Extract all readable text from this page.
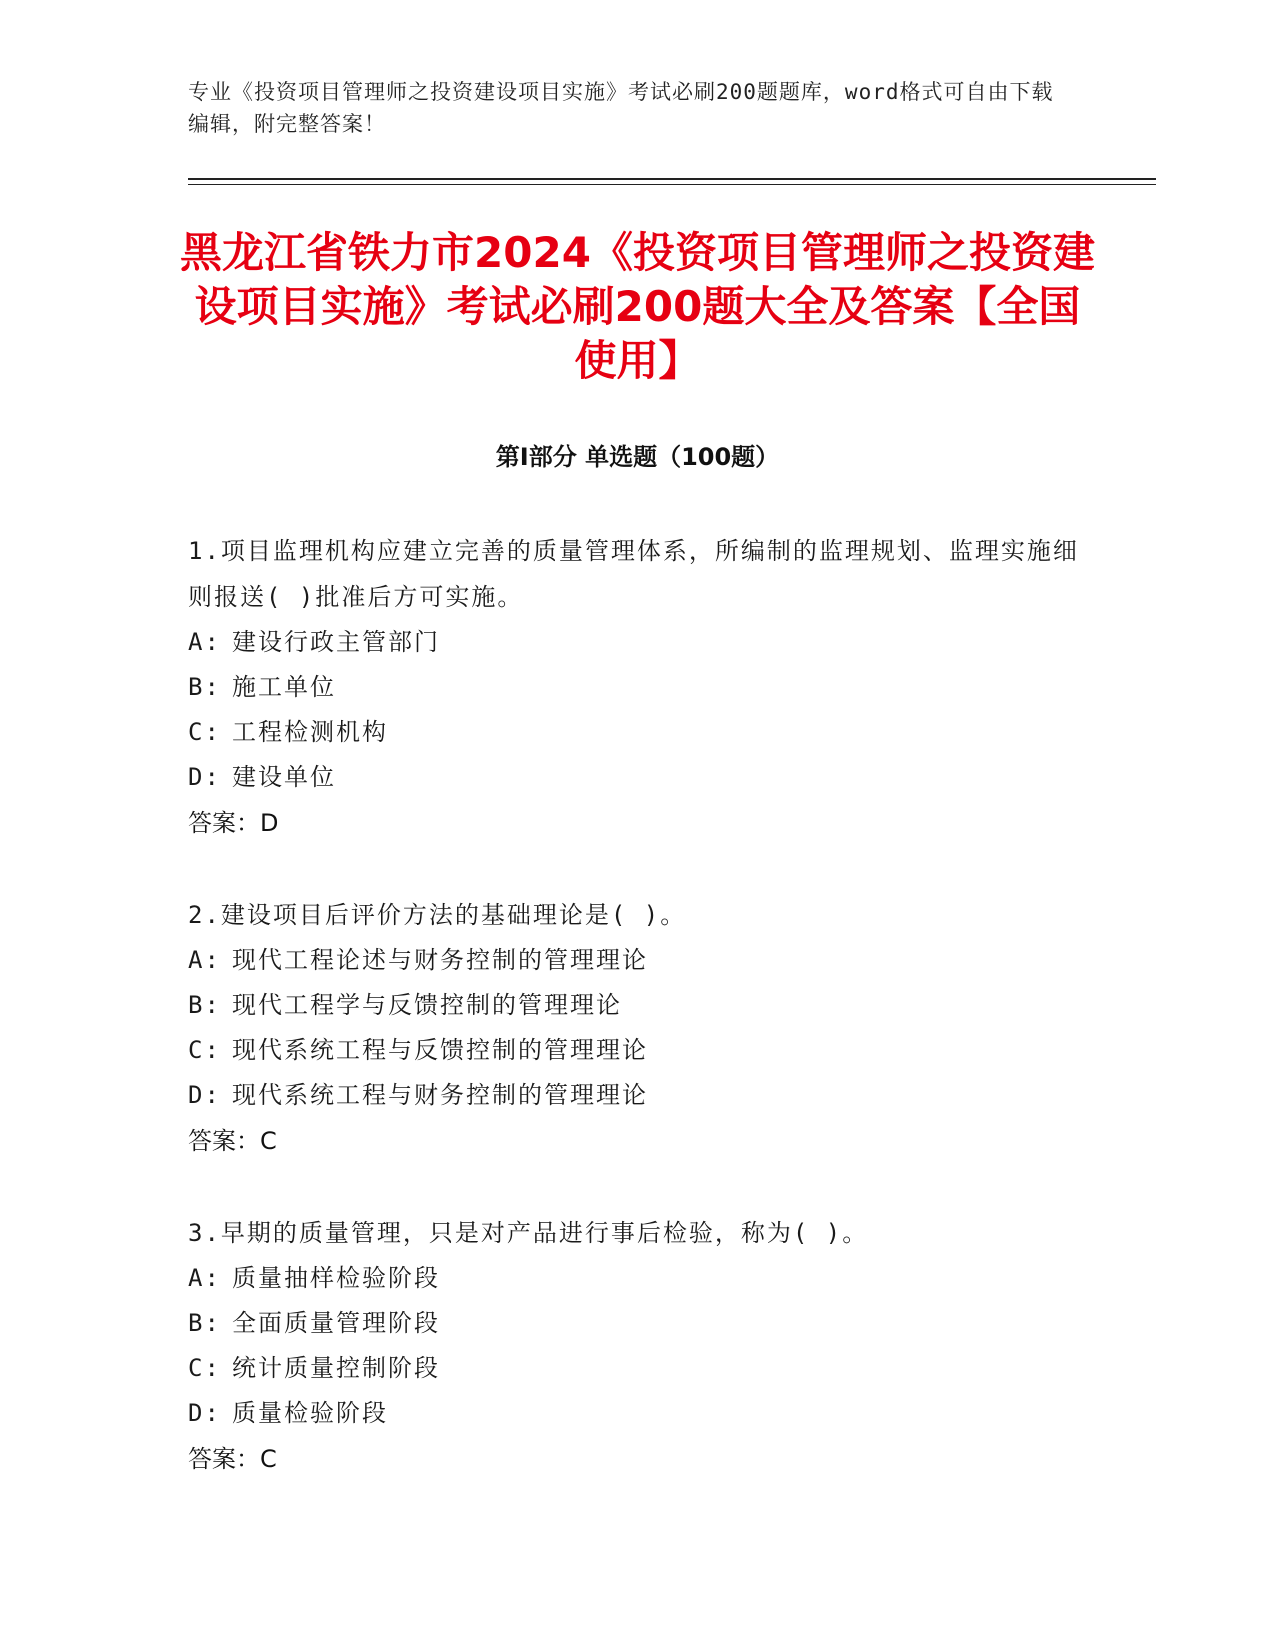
专业《投资项目管理师之投资建设项目实施》考试必刷200题题库，word格式可自由下载编辑，附完整答案！
黑龙江省铁力市2024《投资项目管理师之投资建设项目实施》考试必刷200题大全及答案【全国使用】
第Ⅰ部分 单选题（100题）
1.项目监理机构应建立完善的质量管理体系，所编制的监理规划、监理实施细则报送( )批准后方可实施。
A: 建设行政主管部门
B: 施工单位
C: 工程检测机构
D: 建设单位
答案：D
2.建设项目后评价方法的基础理论是( )。
A: 现代工程论述与财务控制的管理理论
B: 现代工程学与反馈控制的管理理论
C: 现代系统工程与反馈控制的管理理论
D: 现代系统工程与财务控制的管理理论
答案：C
3.早期的质量管理，只是对产品进行事后检验，称为( )。
A: 质量抽样检验阶段
B: 全面质量管理阶段
C: 统计质量控制阶段
D: 质量检验阶段
答案：C
